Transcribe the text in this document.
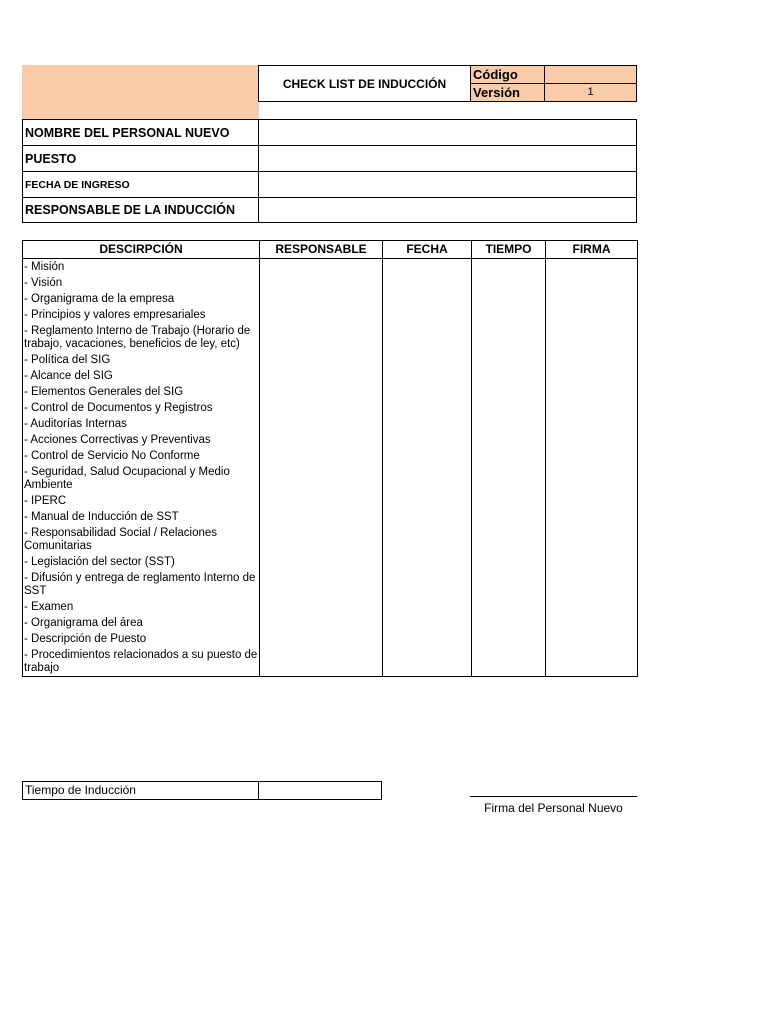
CHECK LIST DE INDUCCIÓN
Código
Versión	1
NOMBRE DEL PERSONAL NUEVO
PUESTO
FECHA DE INGRESO
RESPONSABLE DE LA INDUCCIÓN
DESCIRPCIÓN	RESPONSABLE	FECHA	TIEMPO	FIRMA
- Misión				
- Visión				
- Organigrama de la empresa				
- Principios y valores empresariales				
- Reglamento Interno de Trabajo (Horario de trabajo, vacaciones, beneficios de ley, etc)				
- Política del SIG				
- Alcance del SIG				
- Elementos Generales del SIG				
- Control de Documentos y Registros				
- Auditorías Internas				
- Acciones Correctivas y Preventivas				
- Control de Servicio No Conforme				
- Seguridad, Salud Ocupacional y Medio Ambiente				
- IPERC				
- Manual de Inducción de SST				
- Responsabilidad Social / Relaciones Comunitarias				
- Legislación del sector (SST)				
- Difusión y entrega de reglamento Interno de SST				
- Examen				
- Organigrama del área				
- Descripción de Puesto				
- Procedimientos relacionados a su puesto de trabajo				
Tiempo de Inducción
Firma del Personal Nuevo
